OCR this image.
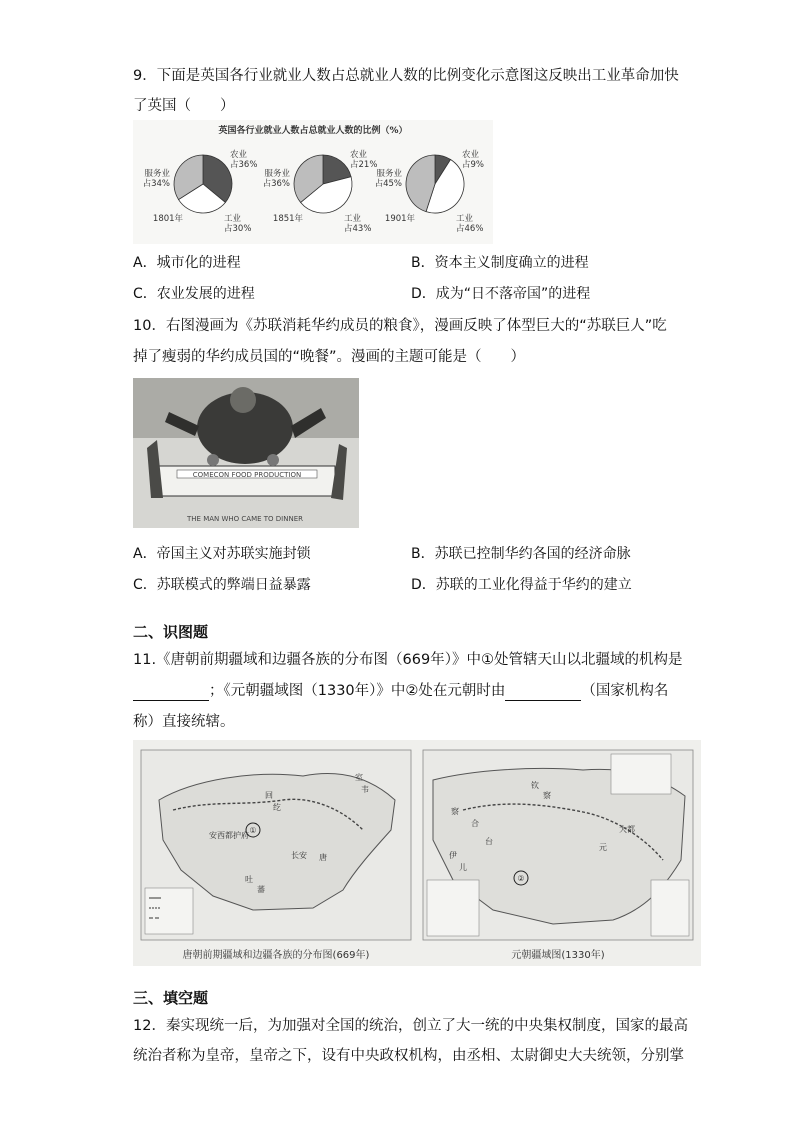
9．下面是英国各行业就业人数占总就业人数的比例变化示意图这反映出工业革命加快
了英国（　　）
英国各行业就业人数占总就业人数的比例（%）
农业
占36%
工业
占30%
服务业
占34%
1801年
农业
占21%
工业
占43%
服务业
占36%
1851年
农业
占9%
工业
占46%
服务业
占45%
1901年
A．城市化的进程	B．资本主义制度确立的进程
C．农业发展的进程	D．成为“日不落帝国”的进程
10．右图漫画为《苏联消耗华约成员的粮食》，漫画反映了体型巨大的“苏联巨人”吃
掉了瘦弱的华约成员国的“晚餐”。漫画的主题可能是（　　）
COMECON FOOD PRODUCTION
THE MAN WHO CAME TO DINNER
A．帝国主义对苏联实施封锁	B．苏联已控制华约各国的经济命脉
C．苏联模式的弊端日益暴露	D．苏联的工业化得益于华约的建立
二、识图题
11.《唐朝前期疆域和边疆各族的分布图（669年）》中①处管辖天山以北疆域的机构是
；《元朝疆域图（1330年）》中②处在元朝时由	（国家机构名
称）直接统辖。
①
②
唐朝前期疆域和边疆各族的分布图(669年)	元朝疆域图(1330年)
回
纥
安西都护府
唐
长安
吐
蕃
室
韦
察
合
台
钦
察
伊
儿
大都
元
三、填空题
12．秦实现统一后，为加强对全国的统治，创立了大一统的中央集权制度，国家的最高
统治者称为皇帝，皇帝之下，设有中央政权机构，由丞相、太尉御史大夫统领，分别掌
